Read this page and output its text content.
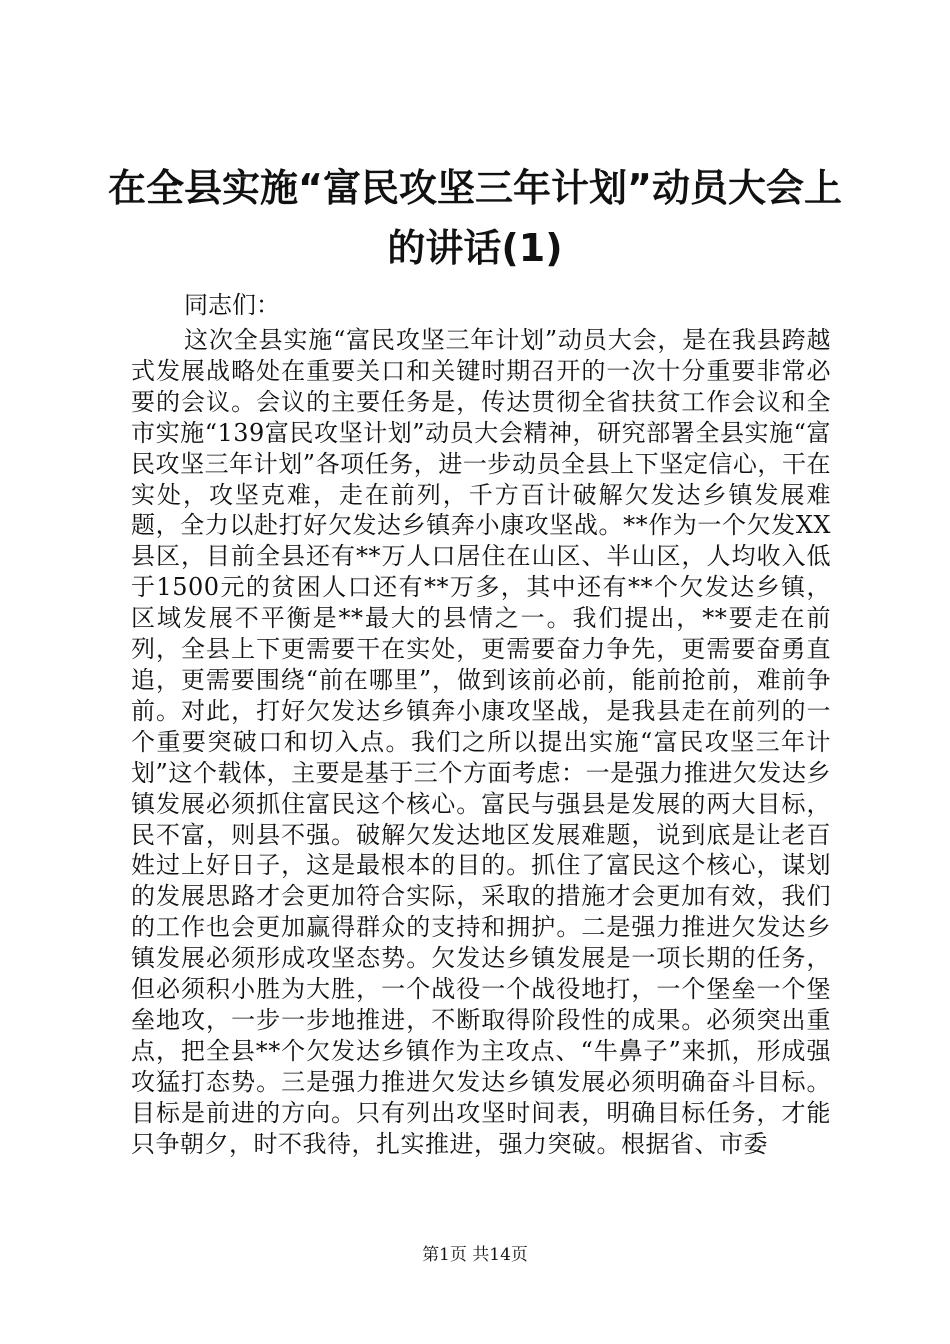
在全县实施“富民攻坚三年计划”动员大会上的讲话(1)
同志们：
这次全县实施“富民攻坚三年计划”动员大会，是在我县跨越式发展战略处在重要关口和关键时期召开的一次十分重要非常必要的会议。会议的主要任务是，传达贯彻全省扶贫工作会议和全市实施“139富民攻坚计划”动员大会精神，研究部署全县实施“富民攻坚三年计划”各项任务，进一步动员全县上下坚定信心，干在实处，攻坚克难，走在前列，千方百计破解欠发达乡镇发展难题，全力以赴打好欠发达乡镇奔小康攻坚战。**作为一个欠发XX县区，目前全县还有**万人口居住在山区、半山区，人均收入低于1500元的贫困人口还有**万多，其中还有**个欠发达乡镇，区域发展不平衡是**最大的县情之一。我们提出，**要走在前列，全县上下更需要干在实处，更需要奋力争先，更需要奋勇直追，更需要围绕“前在哪里”，做到该前必前，能前抢前，难前争前。对此，打好欠发达乡镇奔小康攻坚战，是我县走在前列的一个重要突破口和切入点。我们之所以提出实施“富民攻坚三年计划”这个载体，主要是基于三个方面考虑：一是强力推进欠发达乡镇发展必须抓住富民这个核心。富民与强县是发展的两大目标，民不富，则县不强。破解欠发达地区发展难题，说到底是让老百姓过上好日子，这是最根本的目的。抓住了富民这个核心，谋划的发展思路才会更加符合实际，采取的措施才会更加有效，我们的工作也会更加赢得群众的支持和拥护。二是强力推进欠发达乡镇发展必须形成攻坚态势。欠发达乡镇发展是一项长期的任务，但必须积小胜为大胜，一个战役一个战役地打，一个堡垒一个堡垒地攻，一步一步地推进，不断取得阶段性的成果。必须突出重点，把全县**个欠发达乡镇作为主攻点、“牛鼻子”来抓，形成强攻猛打态势。三是强力推进欠发达乡镇发展必须明确奋斗目标。目标是前进的方向。只有列出攻坚时间表，明确目标任务，才能只争朝夕，时不我待，扎实推进，强力突破。根据省、市委
第1页 共14页
